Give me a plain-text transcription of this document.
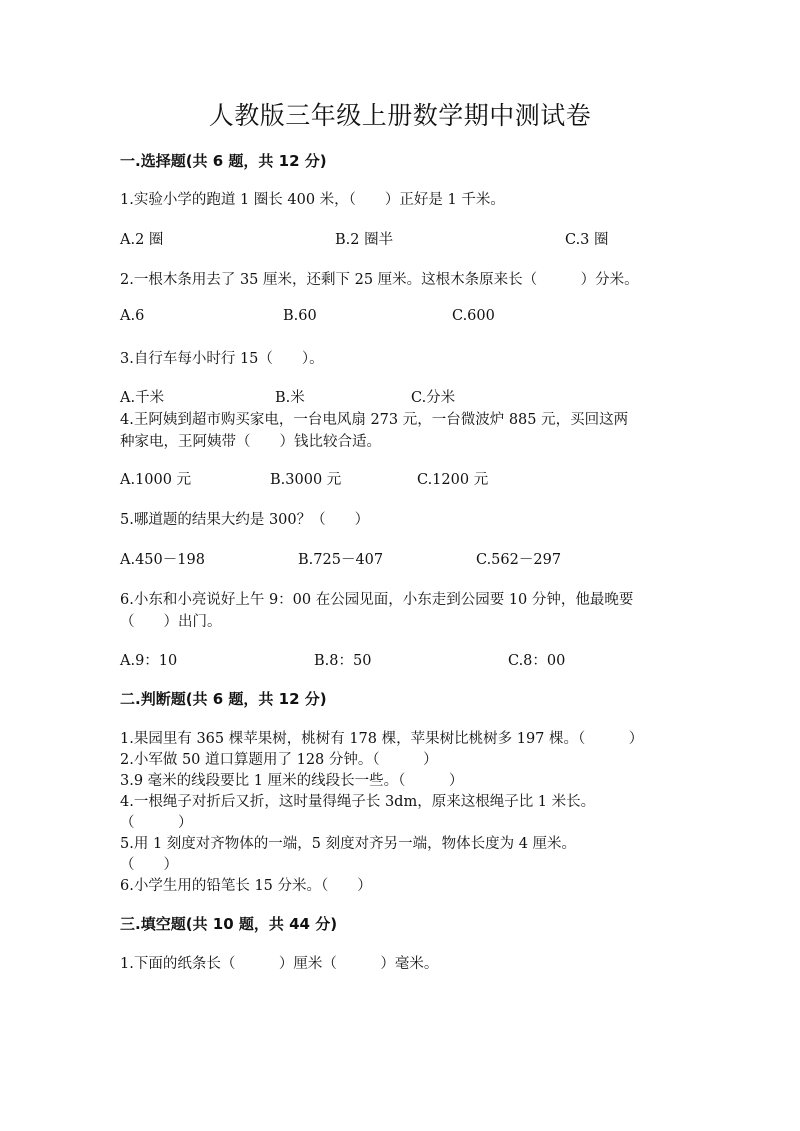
人教版三年级上册数学期中测试卷
一.选择题(共 6 题，共 12 分)
1.实验小学的跑道 1 圈长 400 米，（　　）正好是 1 千米。
A.2 圈	B.2 圈半	C.3 圈
2.一根木条用去了 35 厘米，还剩下 25 厘米。这根木条原来长（　　　）分米。
A.6	B.60	C.600
3.自行车每小时行 15（　　）。
A.千米	B.米	C.分米
4.王阿姨到超市购买家电，一台电风扇 273 元，一台微波炉 885 元，买回这两
种家电，王阿姨带（　　）钱比较合适。
A.1000 元	B.3000 元	C.1200 元
5.哪道题的结果大约是 300？（　　）
A.450－198	B.725－407	C.562－297
6.小东和小亮说好上午 9：00 在公园见面，小东走到公园要 10 分钟，他最晚要
（　　）出门。
A.9：10	B.8：50	C.8：00
二.判断题(共 6 题，共 12 分)
1.果园里有 365 棵苹果树，桃树有 178 棵，苹果树比桃树多 197 棵。（　　　）
2.小军做 50 道口算题用了 128 分钟。（　　　）
3.9 毫米的线段要比 1 厘米的线段长一些。（　　　）
4.一根绳子对折后又折，这时量得绳子长 3dm，原来这根绳子比 1 米长。
（　　　）
5.用 1 刻度对齐物体的一端，5 刻度对齐另一端，物体长度为 4 厘米。
（　　）
6.小学生用的铅笔长 15 分米。（　　）
三.填空题(共 10 题，共 44 分)
1.下面的纸条长（　　　）厘米（　　　）毫米。
